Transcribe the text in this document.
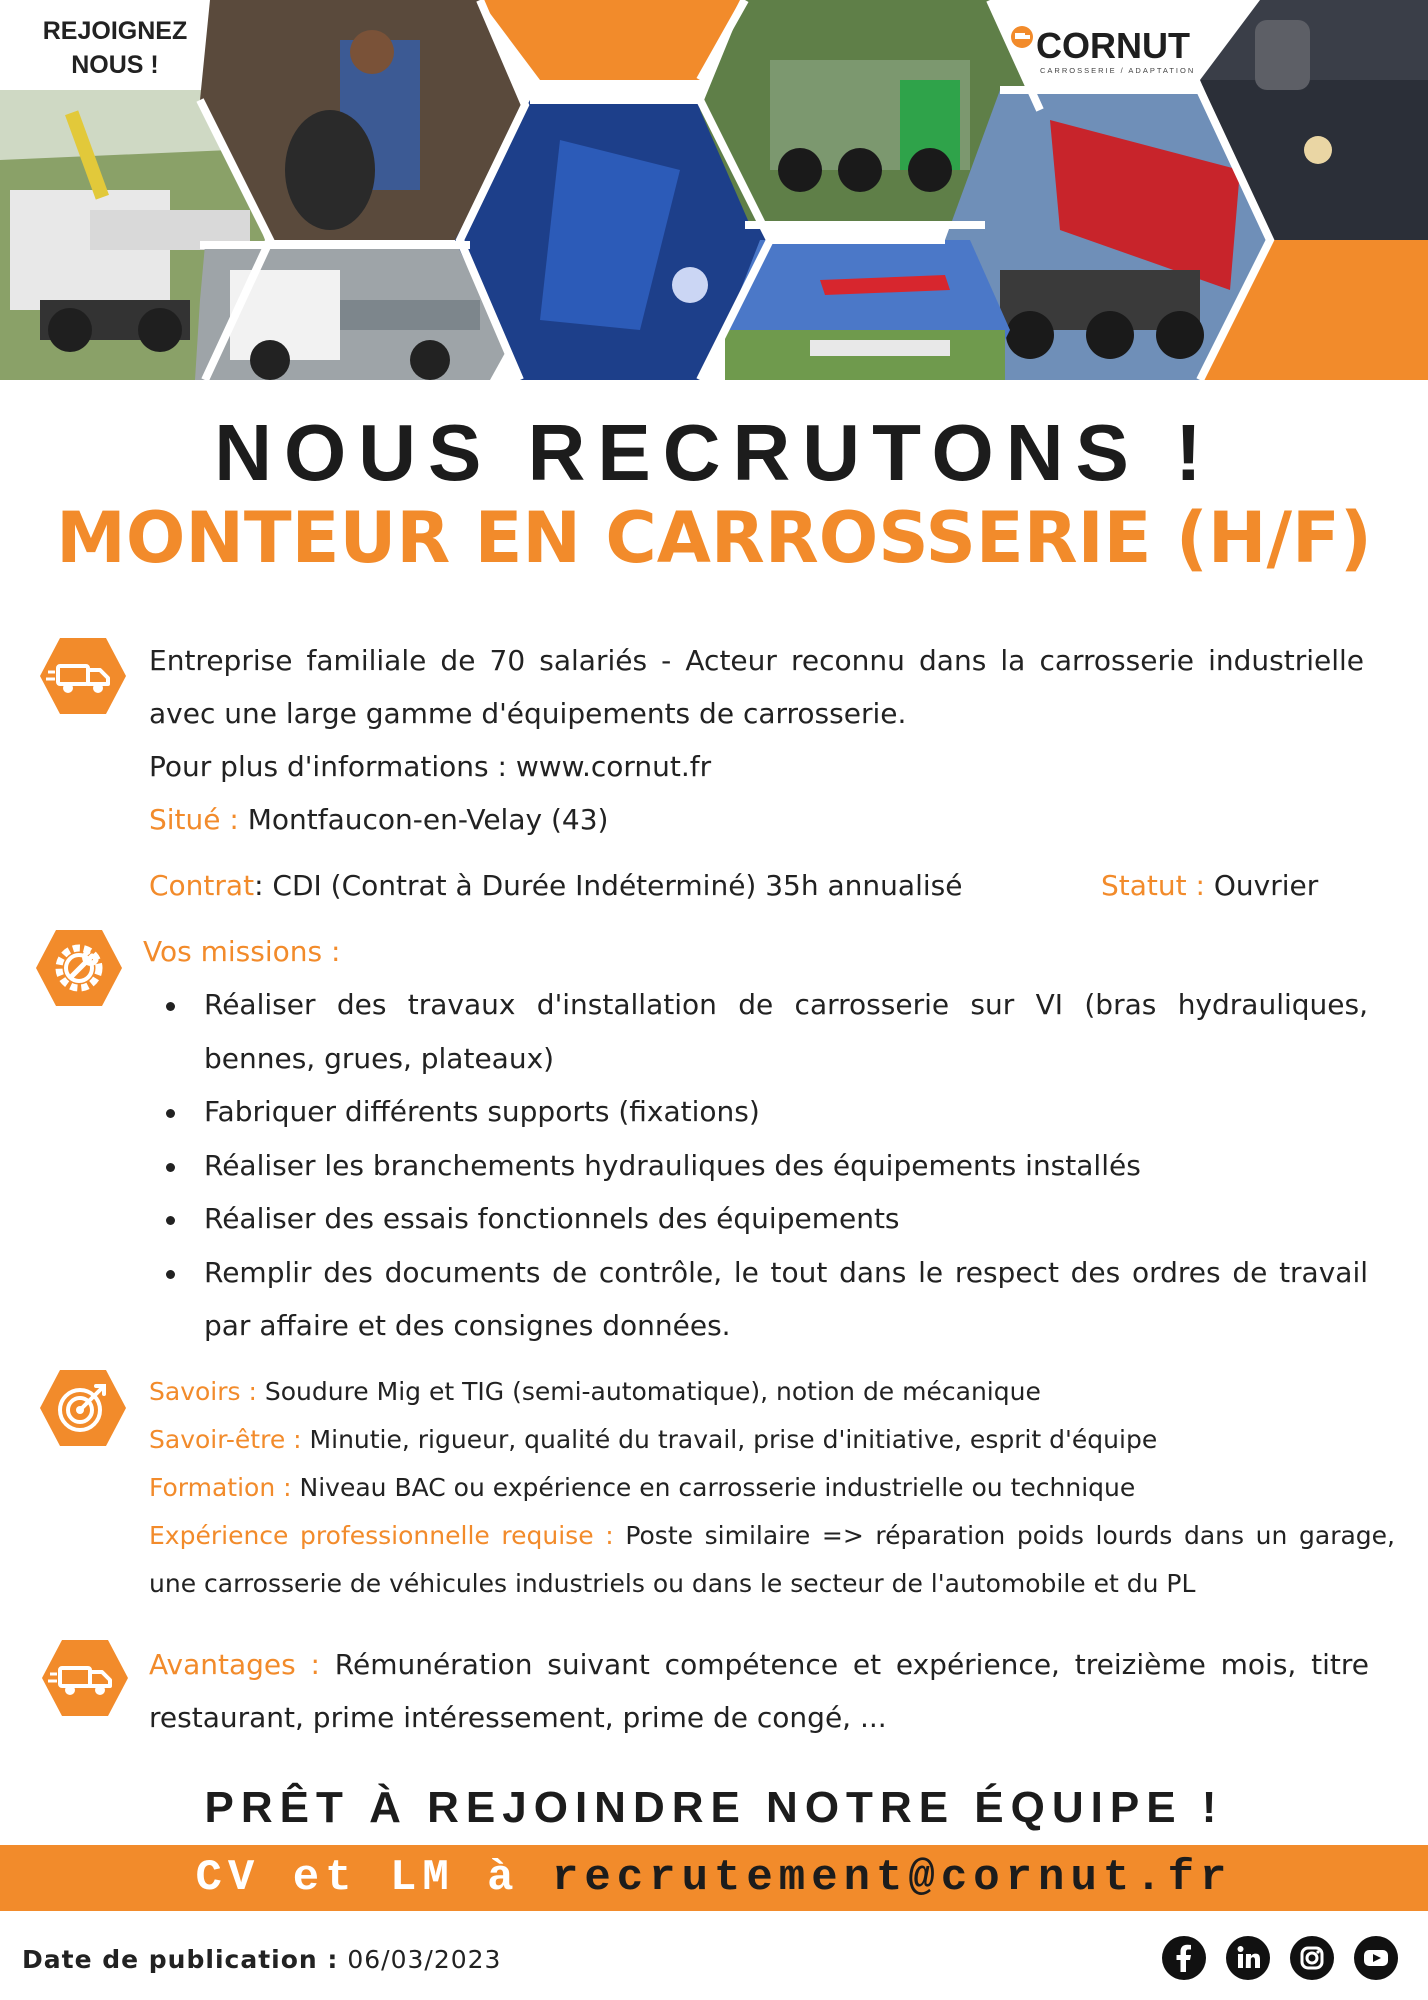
REJOIGNEZ
NOUS !	CORNUT
CARROSSERIE / ADAPTATION
NOUS RECRUTONS !
MONTEUR EN CARROSSERIE (H/F)
Entreprise familiale de 70 salariés - Acteur reconnu dans la carrosserie industrielle avec une large gamme d'équipements de carrosserie.
Pour plus d'informations : www.cornut.fr
Situé : Montfaucon-en-Velay (43)
Contrat: CDI (Contrat à Durée Indéterminé) 35h annualisé	Statut : Ouvrier
Vos missions :
Réaliser des travaux d'installation de carrosserie sur VI (bras hydrauliques, bennes, grues, plateaux)
Fabriquer différents supports (fixations)
Réaliser les branchements hydrauliques des équipements installés
Réaliser des essais fonctionnels des équipements
Remplir des documents de contrôle, le tout dans le respect des ordres de travail par affaire et des consignes données.
Savoirs : Soudure Mig et TIG (semi-automatique), notion de mécanique
Savoir-être : Minutie, rigueur, qualité du travail, prise d'initiative, esprit d'équipe
Formation : Niveau BAC ou expérience en carrosserie industrielle ou technique
Expérience professionnelle requise : Poste similaire => réparation poids lourds dans un garage, une carrosserie de véhicules industriels ou dans le secteur de l'automobile et du PL
Avantages : Rémunération suivant compétence et expérience, treizième mois, titre restaurant, prime intéressement, prime de congé, ...
PRÊT À REJOINDRE NOTRE ÉQUIPE !
CV et LM à recrutement@cornut.fr
Date de publication : 06/03/2023
